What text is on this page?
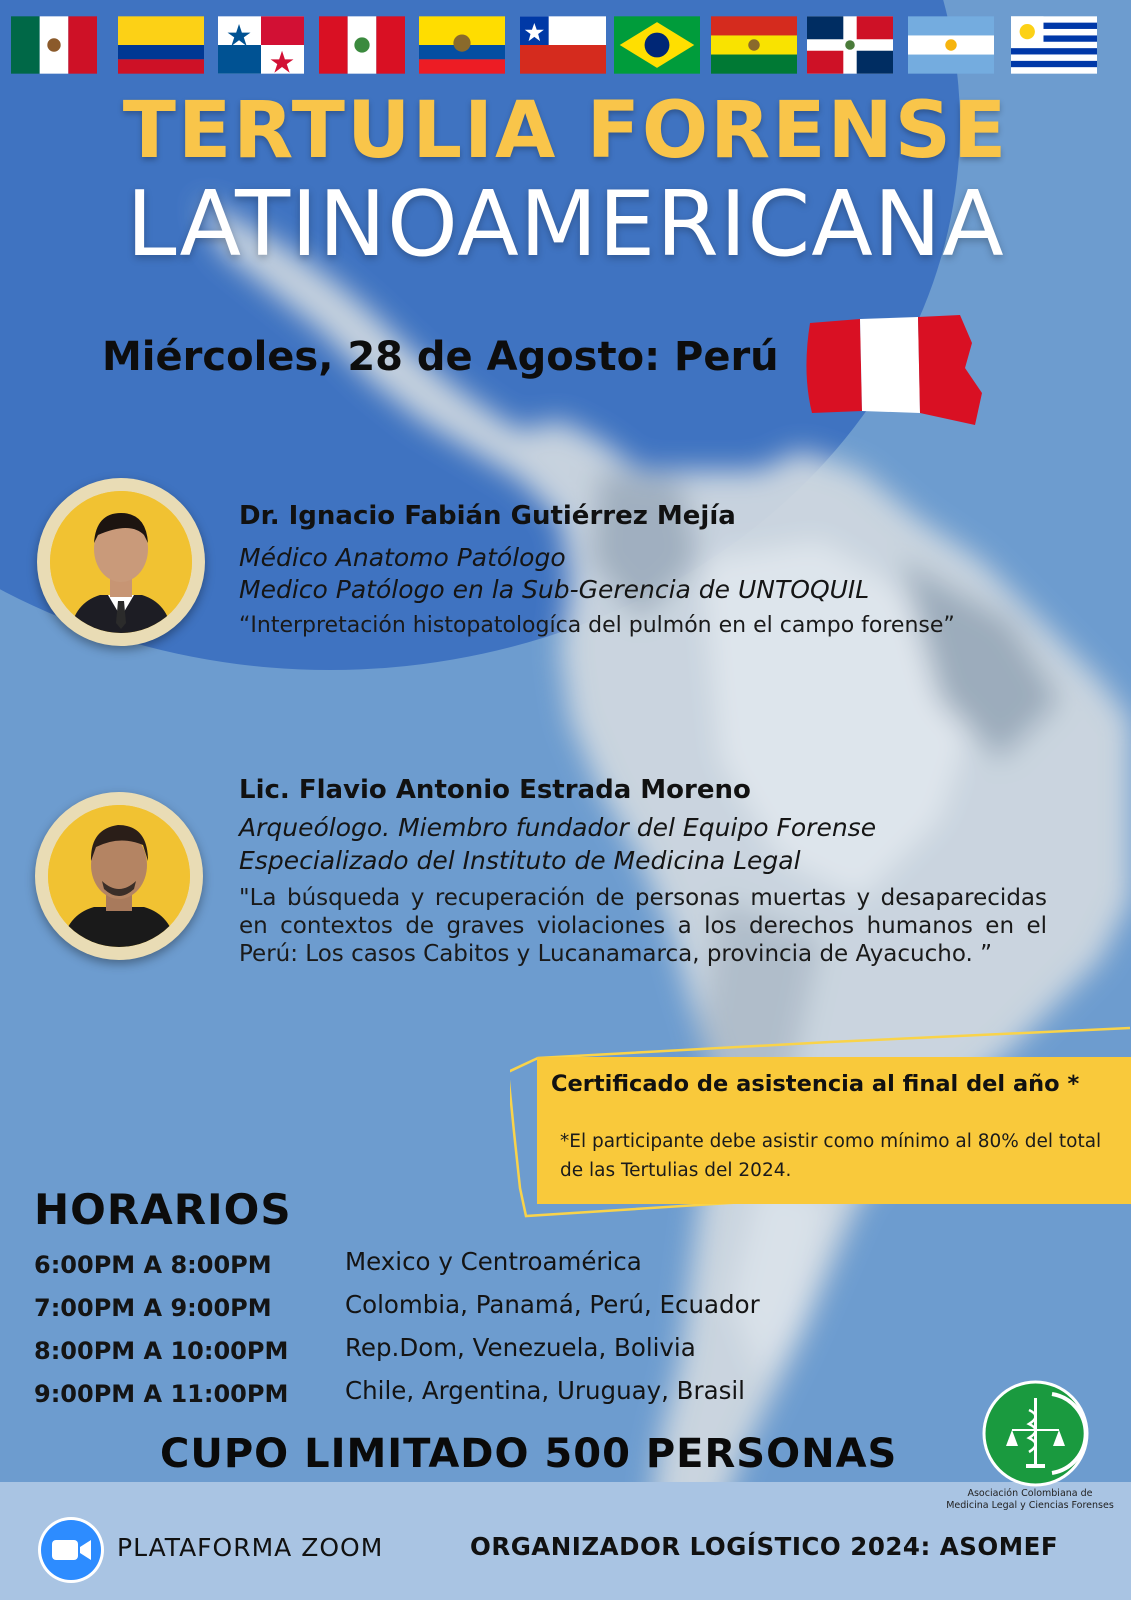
TERTULIA FORENSE
LATINOAMERICANA
Miércoles, 28 de Agosto: Perú
Dr. Ignacio Fabián Gutiérrez Mejía
Médico Anatomo Patólogo
Medico Patólogo en la Sub-Gerencia de UNTOQUIL
“Interpretación histopatologíca del pulmón en el campo forense”
Lic. Flavio Antonio Estrada Moreno
Arqueólogo. Miembro fundador del Equipo Forense
Especializado del Instituto de Medicina Legal
"La búsqueda y recuperación de personas muertas y desaparecidas en contextos de graves violaciones a los derechos humanos en el Perú: Los casos Cabitos y Lucanamarca, provincia de Ayacucho. ”
Certificado de asistencia al final del año *
*El participante debe asistir como mínimo al 80% del total de las Tertulias del 2024.
HORARIOS
6:00PM A 8:00PM	Mexico y Centroamérica
7:00PM A 9:00PM	Colombia, Panamá, Perú, Ecuador
8:00PM A 10:00PM Rep.Dom, Venezuela, Bolivia
9:00PM A 11:00PM Chile, Argentina, Uruguay, Brasil
CUPO LIMITADO 500 PERSONAS
Asociación Colombiana de
Medicina Legal y Ciencias Forenses
PLATAFORMA ZOOM	ORGANIZADOR LOGÍSTICO 2024: ASOMEF
